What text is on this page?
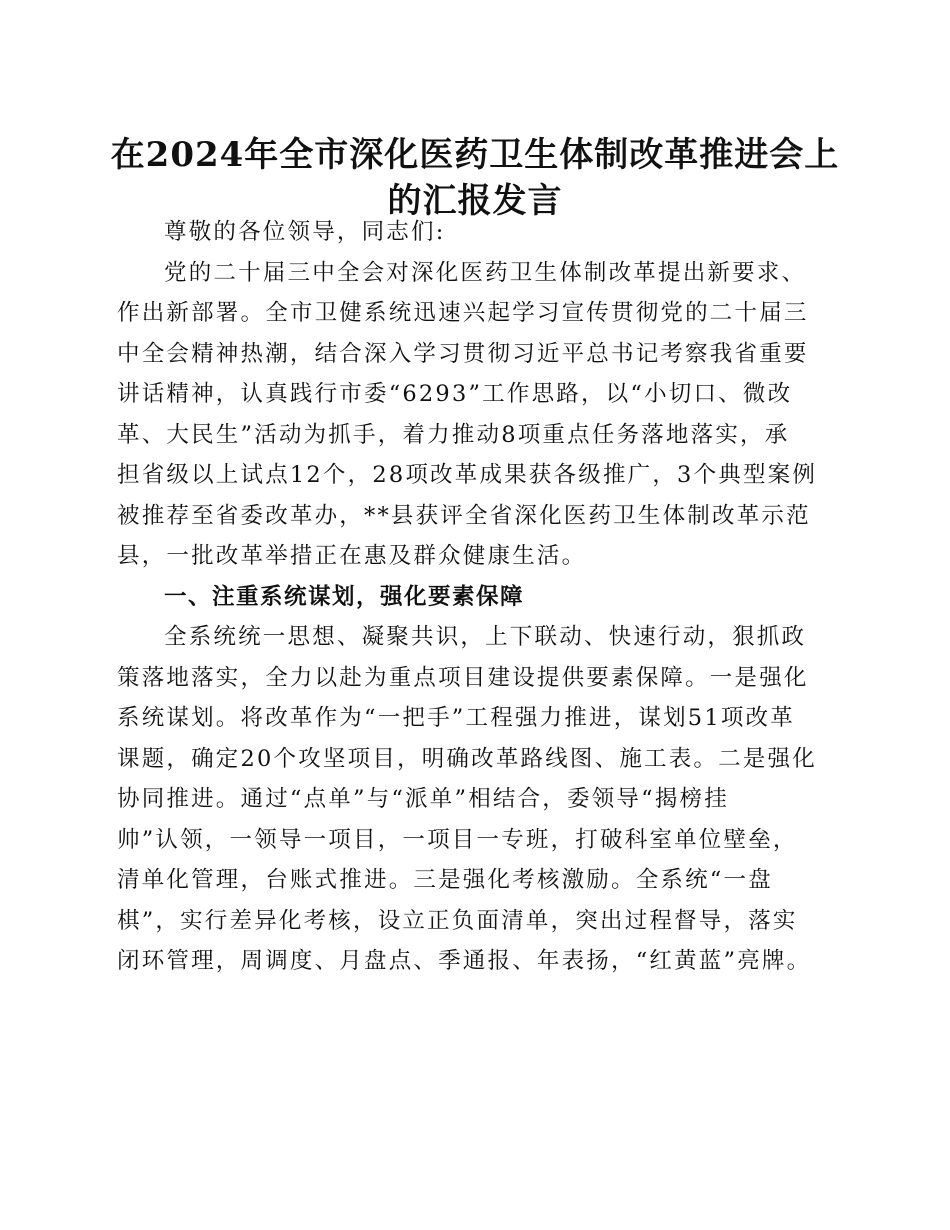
在2024年全市深化医药卫生体制改革推进会上
的汇报发言

尊敬的各位领导，同志们:

党的二十届三中全会对深化医药卫生体制改革提出新要求、
作出新部署。全市卫健系统迅速兴起学习宣传贯彻党的二十届三
中全会精神热潮，结合深入学习贯彻习近平总书记考察我省重要
讲话精神，认真践行市委“6293”工作思路，以“小切口、微改
革、大民生”活动为抓手，着力推动8项重点任务落地落实，承
担省级以上试点12个，28项改革成果获各级推广，3个典型案例
被推荐至省委改革办，**县获评全省深化医药卫生体制改革示范
县，一批改革举措正在惠及群众健康生活。
一、注重系统谋划，强化要素保障
全系统统一思想、凝聚共识，上下联动、快速行动，狠抓政
策落地落实，全力以赴为重点项目建设提供要素保障。一是强化
系统谋划。将改革作为“一把手”工程强力推进，谋划51项改革
课题，确定20个攻坚项目，明确改革路线图、施工表。二是强化
协同推进。通过“点单”与“派单”相结合，委领导“揭榜挂
帅”认领，一领导一项目，一项目一专班，打破科室单位壁垒，
清单化管理，台账式推进。三是强化考核激励。全系统“一盘
棋”，实行差异化考核，设立正负面清单，突出过程督导，落实
闭环管理，周调度、月盘点、季通报、年表扬，“红黄蓝”亮牌。
